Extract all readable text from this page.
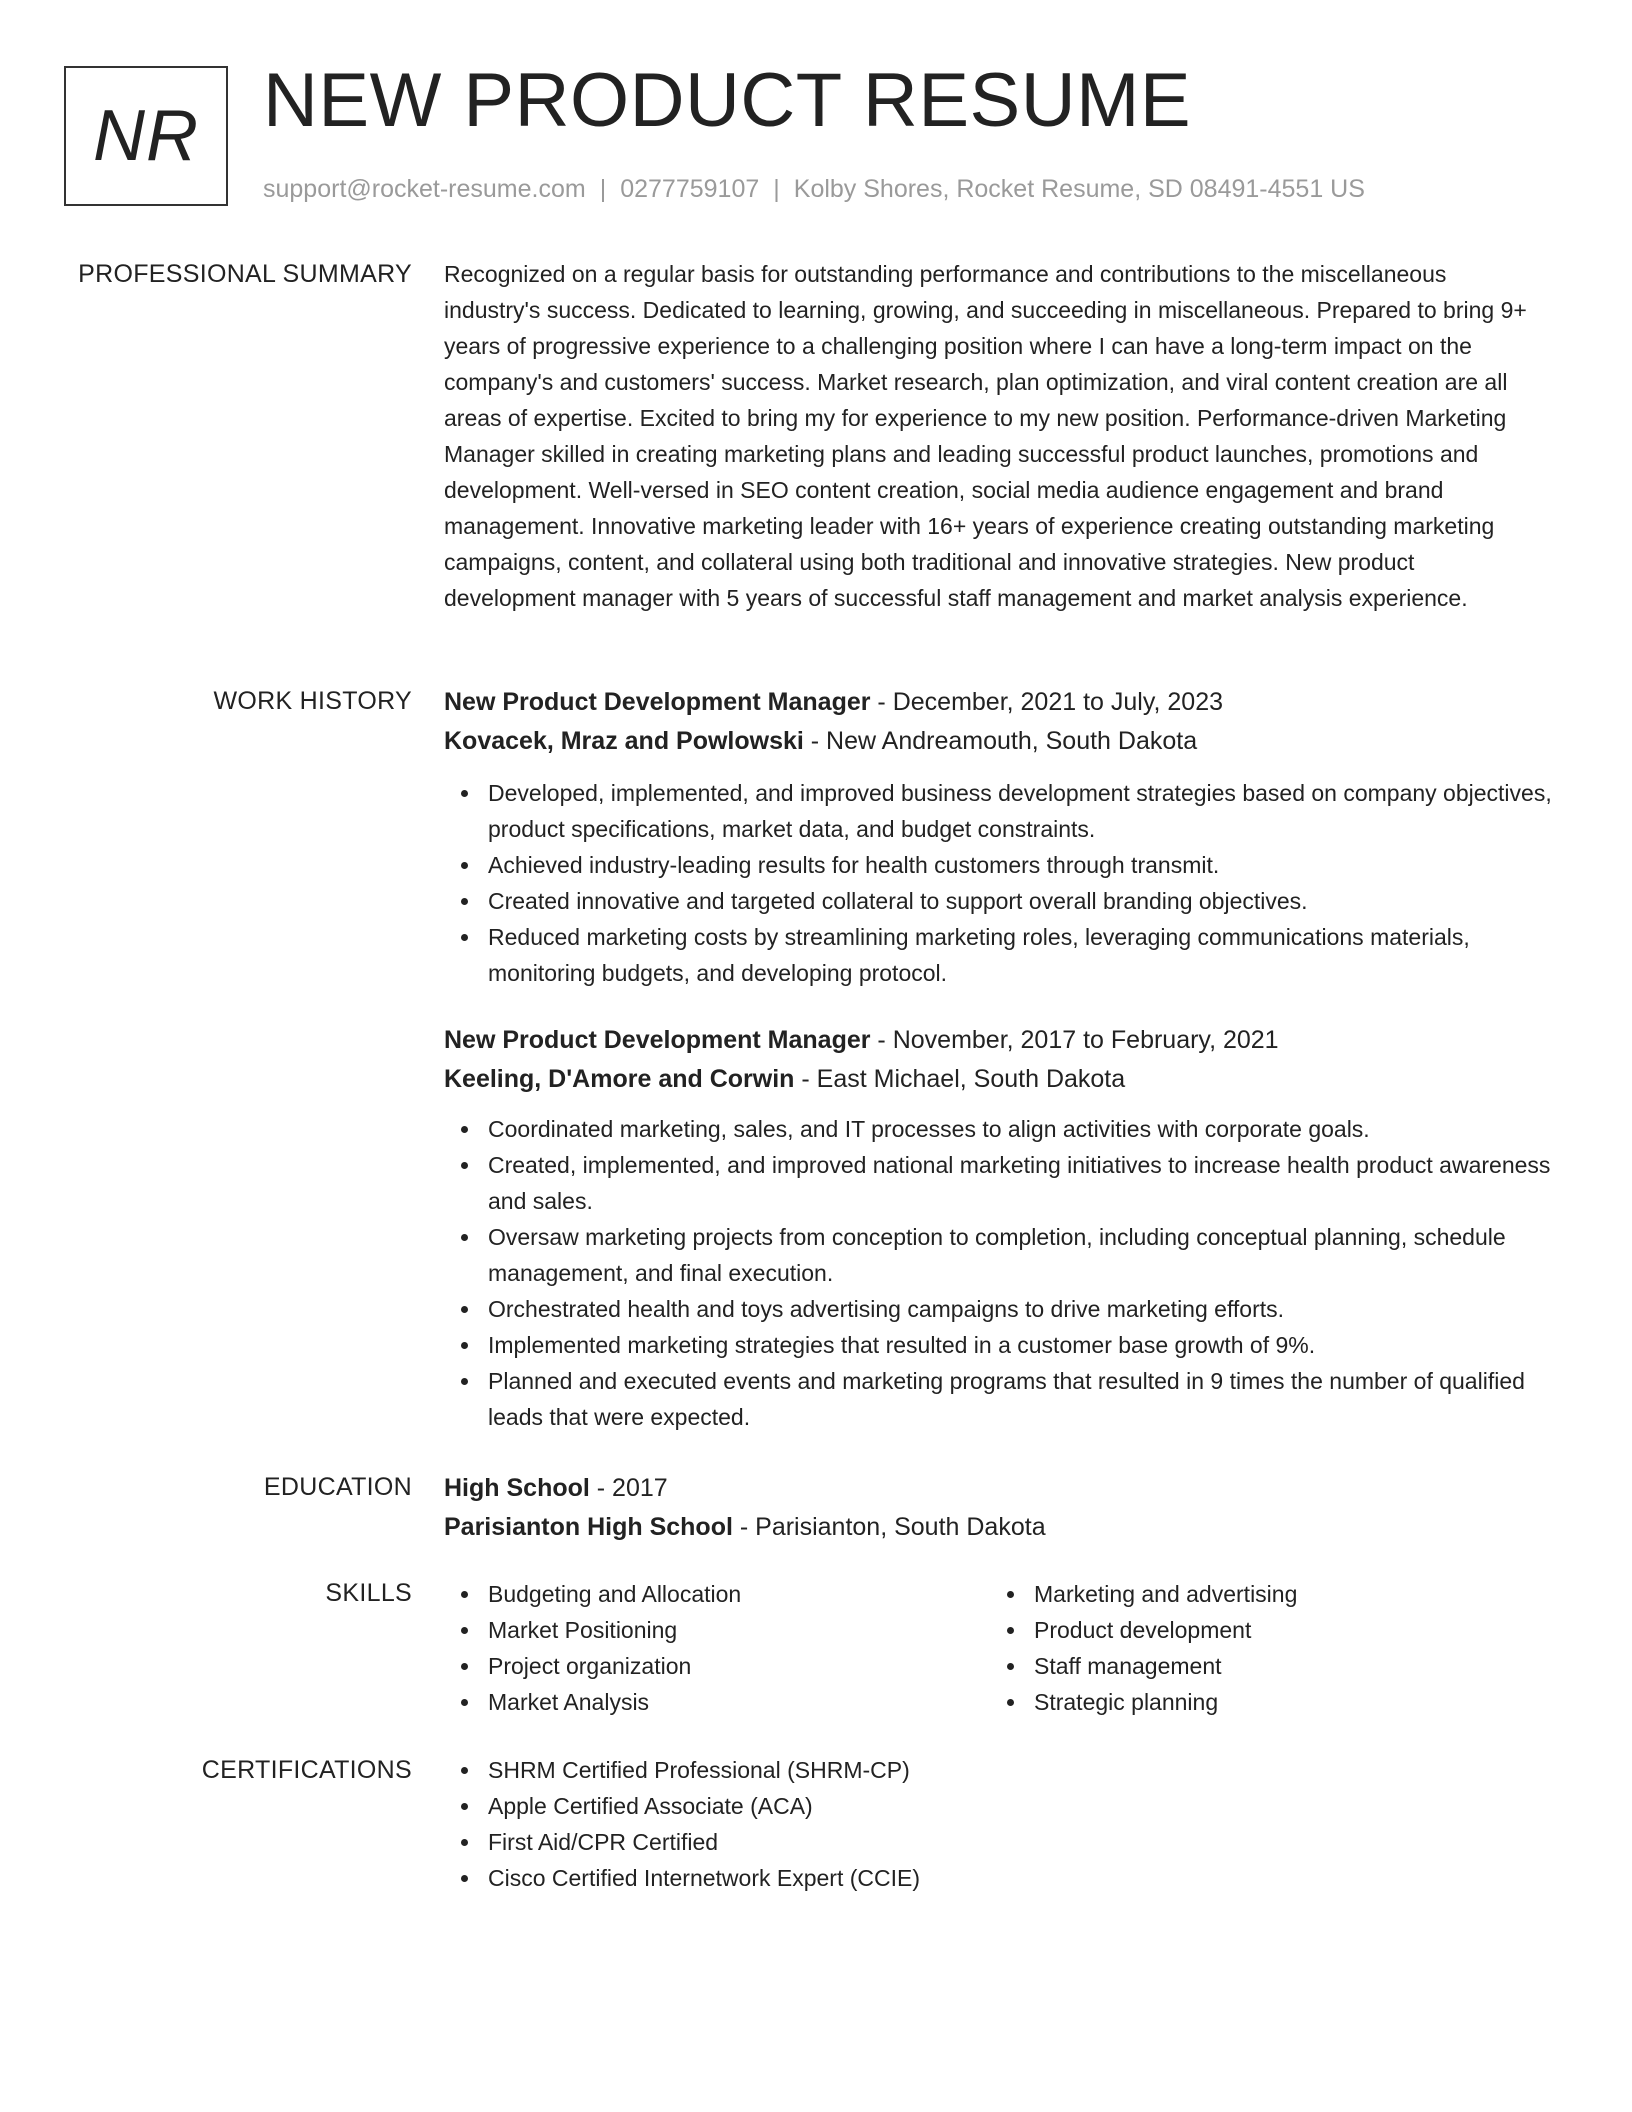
NR NEW PRODUCT RESUME
support@rocket-resume.com | 0277759107 | Kolby Shores, Rocket Resume, SD 08491-4551 US
PROFESSIONAL SUMMARY Recognized on a regular basis for outstanding performance and contributions to the miscellaneous industry's success. Dedicated to learning, growing, and succeeding in miscellaneous. Prepared to bring 9+ years of progressive experience to a challenging position where I can have a long-term impact on the company's and customers' success. Market research, plan optimization, and viral content creation are all areas of expertise. Excited to bring my for experience to my new position. Performance-driven Marketing Manager skilled in creating marketing plans and leading successful product launches, promotions and development. Well-versed in SEO content creation, social media audience engagement and brand management. Innovative marketing leader with 16+ years of experience creating outstanding marketing campaigns, content, and collateral using both traditional and innovative strategies. New product development manager with 5 years of successful staff management and market analysis experience.

WORK HISTORY New Product Development Manager - December, 2021 to July, 2023
Kovacek, Mraz and Powlowski - New Andreamouth, South Dakota
Developed, implemented, and improved business development strategies based on company objectives, product specifications, market data, and budget constraints.
Achieved industry-leading results for health customers through transmit.
Created innovative and targeted collateral to support overall branding objectives.
Reduced marketing costs by streamlining marketing roles, leveraging communications materials, monitoring budgets, and developing protocol.
New Product Development Manager - November, 2017 to February, 2021
Keeling, D'Amore and Corwin - East Michael, South Dakota
Coordinated marketing, sales, and IT processes to align activities with corporate goals.
Created, implemented, and improved national marketing initiatives to increase health product awareness and sales.
Oversaw marketing projects from conception to completion, including conceptual planning, schedule management, and final execution.
Orchestrated health and toys advertising campaigns to drive marketing efforts.
Implemented marketing strategies that resulted in a customer base growth of 9%.
Planned and executed events and marketing programs that resulted in 9 times the number of qualified leads that were expected.
EDUCATION High School - 2017
Parisianton High School - Parisianton, South Dakota
SKILLS	Budgeting and Allocation
Market Positioning
Project organization
Market Analysis
Marketing and advertising
Product development
Staff management
Strategic planning
CERTIFICATIONS	SHRM Certified Professional (SHRM-CP)
Apple Certified Associate (ACA)
First Aid/CPR Certified
Cisco Certified Internetwork Expert (CCIE)
